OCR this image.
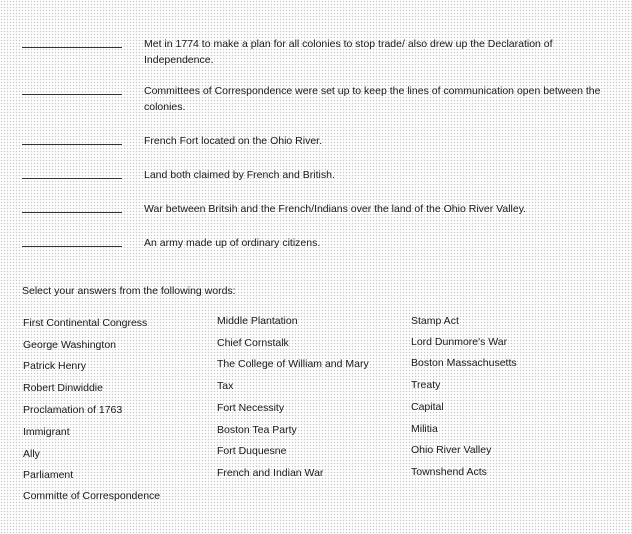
Met in 1774 to make a plan for all colonies to stop trade/ also drew up the Declaration of Independence.
Committees of Correspondence were set up to keep the lines of communication open between the colonies.
French Fort located on the Ohio River.
Land both claimed by French and British.
War between Britsih and the French/Indians over the land of the Ohio River Valley.
An army made up of ordinary citizens.
Select your answers from the following words:
First Continental Congress
George Washington
Patrick Henry
Robert Dinwiddie
Proclamation of 1763
Immigrant
Ally
Parliament
Committe of Correspondence
Middle Plantation
Chief Cornstalk
The College of William and Mary
Tax
Fort Necessity
Boston Tea Party
Fort Duquesne
French and Indian War
Stamp Act
Lord Dunmore's War
Boston Massachusetts
Treaty
Capital
Militia
Ohio River Valley
Townshend Acts
